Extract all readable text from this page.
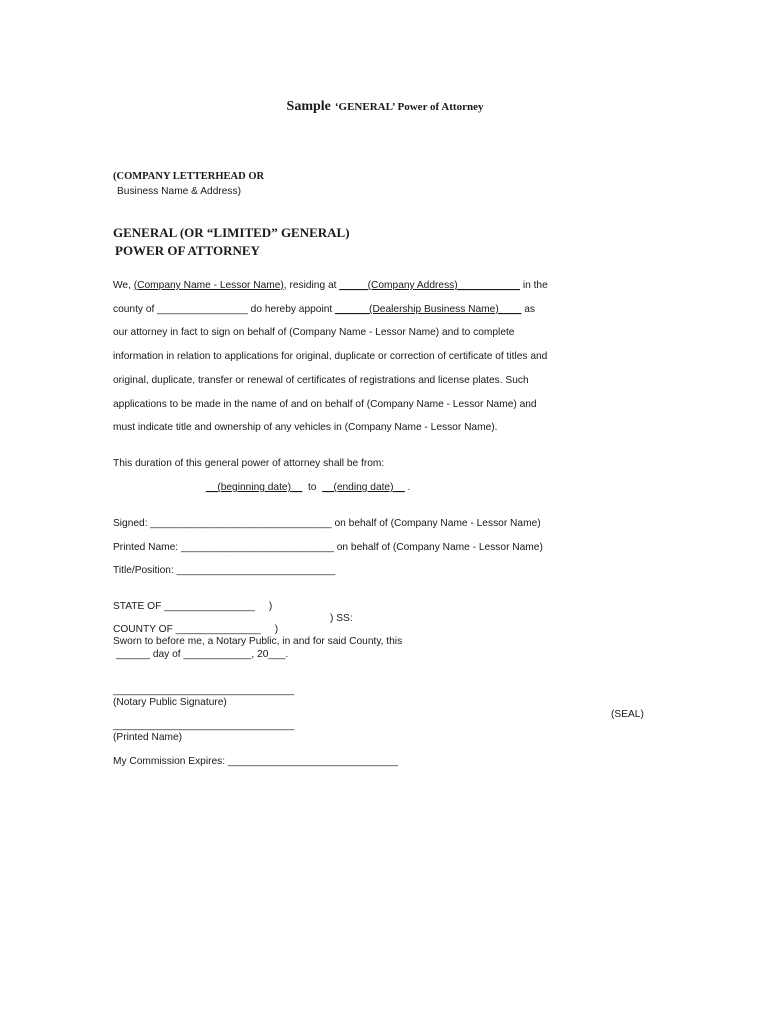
Sample ‘GENERAL’ Power of Attorney
(COMPANY LETTERHEAD OR
Business Name & Address)
GENERAL (OR “LIMITED” GENERAL)
POWER OF ATTORNEY
We, (Company Name - Lessor Name), residing at _____(Company Address)___________ in the
county of ________________ do hereby appoint ______(Dealership Business Name)____ as
our attorney in fact to sign on behalf of (Company Name - Lessor Name) and to complete
information in relation to applications for original, duplicate or correction of certificate of titles and
original, duplicate, transfer or renewal of certificates of registrations and license plates. Such
applications to be made in the name of and on behalf of (Company Name - Lessor Name) and
must indicate title and ownership of any vehicles in (Company Name - Lessor Name).
This duration of this general power of attorney shall be from:
__(beginning date)__  to  __(ending date)__ .
Signed: ________________________________ on behalf of (Company Name - Lessor Name)
Printed Name: ___________________________ on behalf of (Company Name - Lessor Name)
Title/Position: ____________________________
STATE OF ________________     )
) SS:
COUNTY OF _______________     )
Sworn to before me, a Notary Public, in and for said County, this
______ day of ____________, 20___.
________________________________
(Notary Public Signature)
(SEAL)
________________________________
(Printed Name)
My Commission Expires: ______________________________
